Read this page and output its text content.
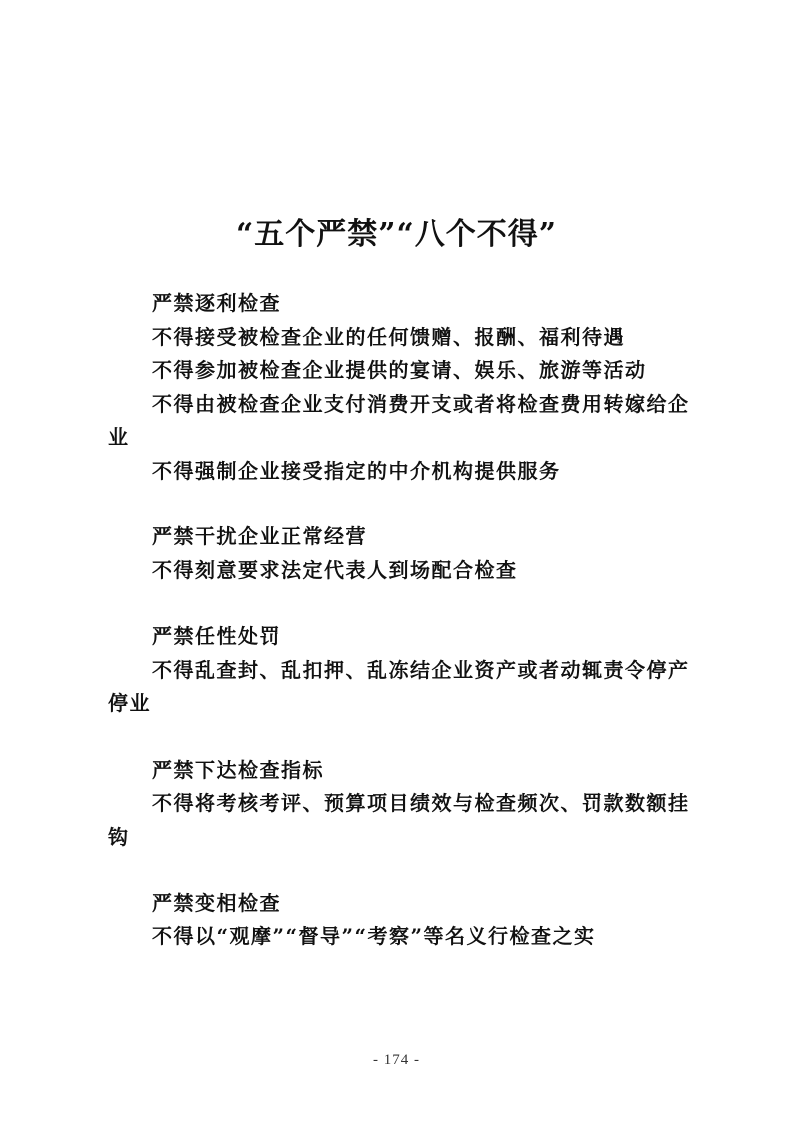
“五个严禁”“八个不得”
严禁逐利检查
不得接受被检查企业的任何馈赠、报酬、福利待遇
不得参加被检查企业提供的宴请、娱乐、旅游等活动
不得由被检查企业支付消费开支或者将检查费用转嫁给企
业
不得强制企业接受指定的中介机构提供服务
严禁干扰企业正常经营
不得刻意要求法定代表人到场配合检查
严禁任性处罚
不得乱查封、乱扣押、乱冻结企业资产或者动辄责令停产
停业
严禁下达检查指标
不得将考核考评、预算项目绩效与检查频次、罚款数额挂
钩
严禁变相检查
不得以“观摩”“督导”“考察”等名义行检查之实
- 174 -
